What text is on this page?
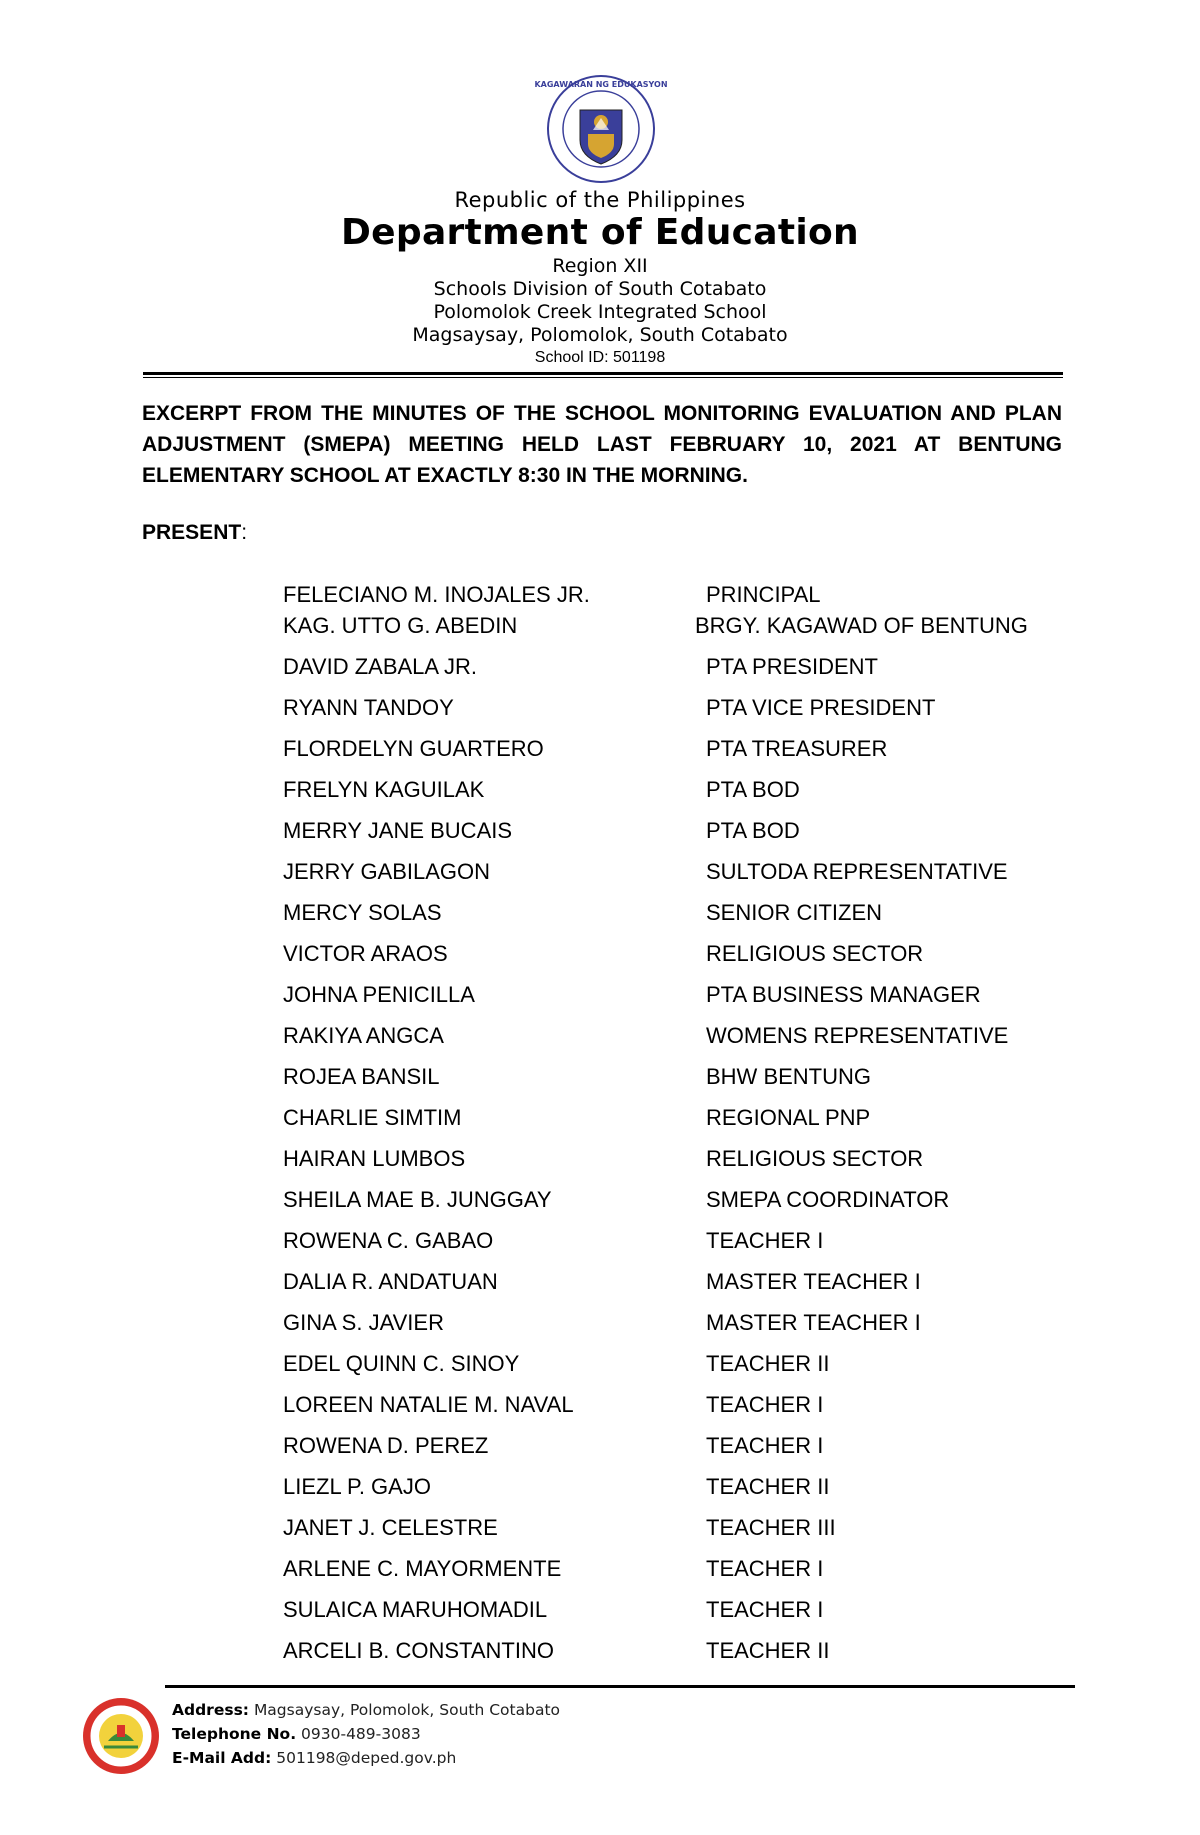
KAGAWARAN NG EDUKASYON
Republic of the Philippines
Department of Education
Region XII
Schools Division of South Cotabato
Polomolok Creek Integrated School
Magsaysay, Polomolok, South Cotabato
School ID: 501198
EXCERPT FROM THE MINUTES OF THE SCHOOL MONITORING EVALUATION AND PLAN ADJUSTMENT (SMEPA) MEETING HELD LAST FEBRUARY 10, 2021 AT BENTUNG ELEMENTARY SCHOOL AT EXACTLY 8:30 IN THE MORNING.
PRESENT:
FELECIANO M. INOJALES JR.	PRINCIPAL
KAG. UTTO G. ABEDIN	BRGY. KAGAWAD OF BENTUNG
DAVID ZABALA JR.	PTA PRESIDENT
RYANN TANDOY	PTA VICE PRESIDENT
FLORDELYN GUARTERO	PTA TREASURER
FRELYN KAGUILAK	PTA BOD
MERRY JANE BUCAIS	PTA BOD
JERRY GABILAGON	SULTODA REPRESENTATIVE
MERCY SOLAS	SENIOR CITIZEN
VICTOR ARAOS	RELIGIOUS SECTOR
JOHNA PENICILLA	PTA BUSINESS MANAGER
RAKIYA ANGCA	WOMENS REPRESENTATIVE
ROJEA BANSIL	BHW BENTUNG
CHARLIE SIMTIM	REGIONAL PNP
HAIRAN LUMBOS	RELIGIOUS SECTOR
SHEILA MAE B. JUNGGAY	SMEPA COORDINATOR
ROWENA C. GABAO	TEACHER I
DALIA R. ANDATUAN	MASTER TEACHER I
GINA S. JAVIER	MASTER TEACHER I
EDEL QUINN C. SINOY	TEACHER II
LOREEN NATALIE M. NAVAL	TEACHER I
ROWENA D. PEREZ	TEACHER I
LIEZL P. GAJO	TEACHER II
JANET J. CELESTRE	TEACHER III
ARLENE C. MAYORMENTE	TEACHER I
SULAICA MARUHOMADIL	TEACHER I
ARCELI B. CONSTANTINO	TEACHER II
Address: Magsaysay, Polomolok, South Cotabato
Telephone No. 0930-489-3083
E-Mail Add: 501198@deped.gov.ph
